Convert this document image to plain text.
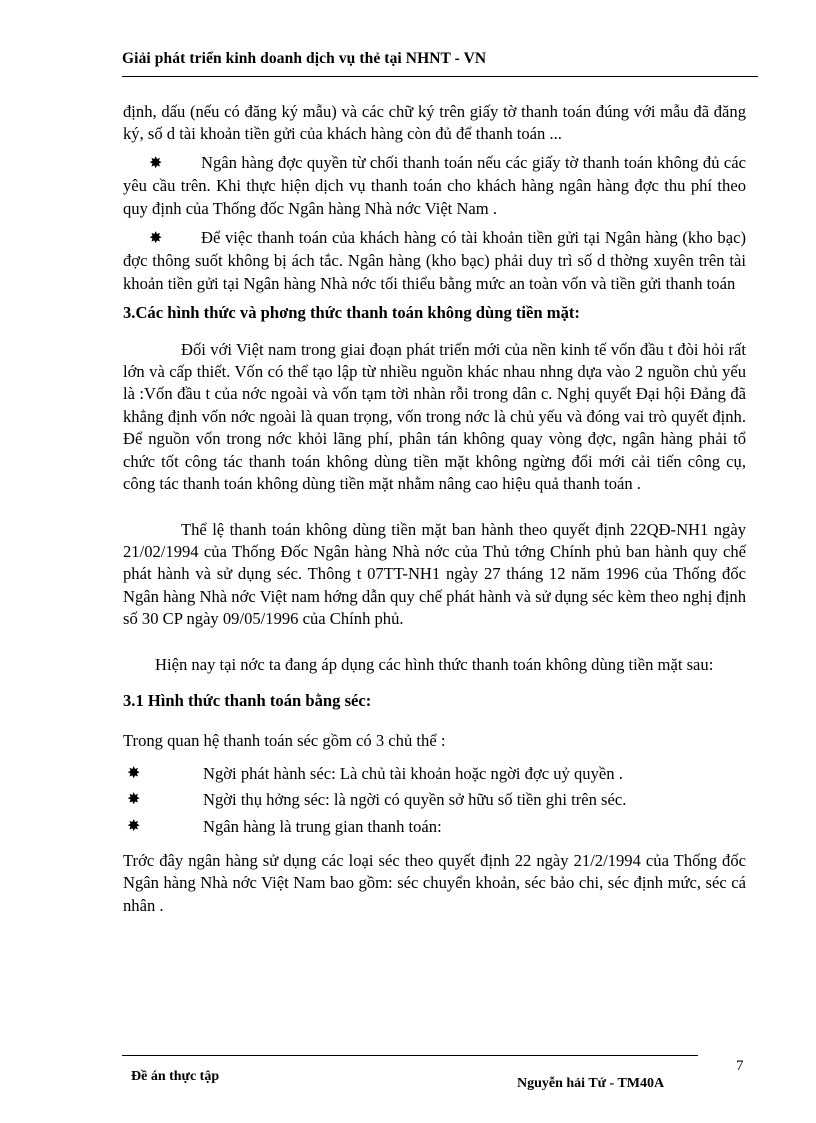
Giải phát triển kinh doanh dịch vụ thẻ tại NHNT - VN

định, dấu (nếu có đăng ký mẫu) và các chữ ký trên giấy tờ thanh toán đúng với mẫu đã đăng ký, số d tài khoản tiền gửi của khách hàng còn đủ để thanh toán ...

✸ Ngân hàng đợc quyền từ chối thanh toán nếu các giấy tờ thanh toán không đủ các yêu cầu trên. Khi thực hiện dịch vụ thanh toán cho khách hàng ngân hàng đợc thu phí theo quy định của Thống đốc Ngân hàng Nhà nớc Việt Nam .

✸ Để việc thanh toán của khách hàng có tài khoản tiền gửi tại Ngân hàng (kho bạc) đợc thông suốt không bị ách tắc. Ngân hàng (kho bạc) phải duy trì số d thờng xuyên trên tài khoản tiền gửi tại Ngân hàng Nhà nớc tối thiểu bằng mức an toàn vốn và tiền gửi thanh toán

3.Các hình thức và phơng thức thanh toán không dùng tiền mặt:

Đối với Việt nam trong giai đoạn phát triển mới của nền kinh tế vốn đầu t đòi hỏi rất lớn và cấp thiết. Vốn có thể tạo lập từ nhiều nguồn khác nhau nhng dựa vào 2 nguồn chủ yếu là :Vốn đầu t của nớc ngoài và vốn tạm tời nhàn rỗi trong dân c. Nghị quyết Đại hội Đảng đã khẳng định vốn nớc ngoài là quan trọng, vốn trong nớc là chủ yếu và đóng vai trò quyết định. Để nguồn vốn trong nớc khỏi lãng phí, phân tán không quay vòng đợc, ngân hàng phải tổ chức tốt công tác thanh toán không dùng tiền mặt không ngừng đổi mới cải tiến công cụ, công tác thanh toán không dùng tiền mặt nhằm nâng cao hiệu quả thanh toán .

Thể lệ thanh toán không dùng tiền mặt ban hành theo quyết định 22QĐ-NH1 ngày 21/02/1994 của Thống Đốc Ngân hàng Nhà nớc của Thủ tớng Chính phủ ban hành quy chế phát hành và sử dụng séc. Thông t 07TT-NH1 ngày 27 tháng 12 năm 1996 của Thống đốc Ngân hàng Nhà nớc Việt nam hớng dẫn quy chế phát hành và sử dụng séc kèm theo nghị định số 30 CP ngày 09/05/1996 của Chính phủ.

Hiện nay tại nớc ta đang áp dụng các hình thức thanh toán không dùng tiền mặt sau:

3.1 Hình thức thanh toán bằng séc:

Trong quan hệ thanh toán séc gồm có 3 chủ thể :

✸	Ngời phát hành séc: Là chủ tài khoản hoặc ngời đợc uỷ quyền .
✸	Ngời thụ hởng séc: là ngời có quyền sở hữu số tiền ghi trên séc.
✸	Ngân hàng là trung gian thanh toán:

Trớc đây ngân hàng sử dụng các loại séc theo quyết định 22 ngày 21/2/1994 của Thống đốc Ngân hàng Nhà nớc Việt Nam bao gồm: séc chuyển khoản, séc bảo chi, séc định mức, séc cá nhân .

Đề án thực tập	Nguyễn hải Tứ - TM40A
7
